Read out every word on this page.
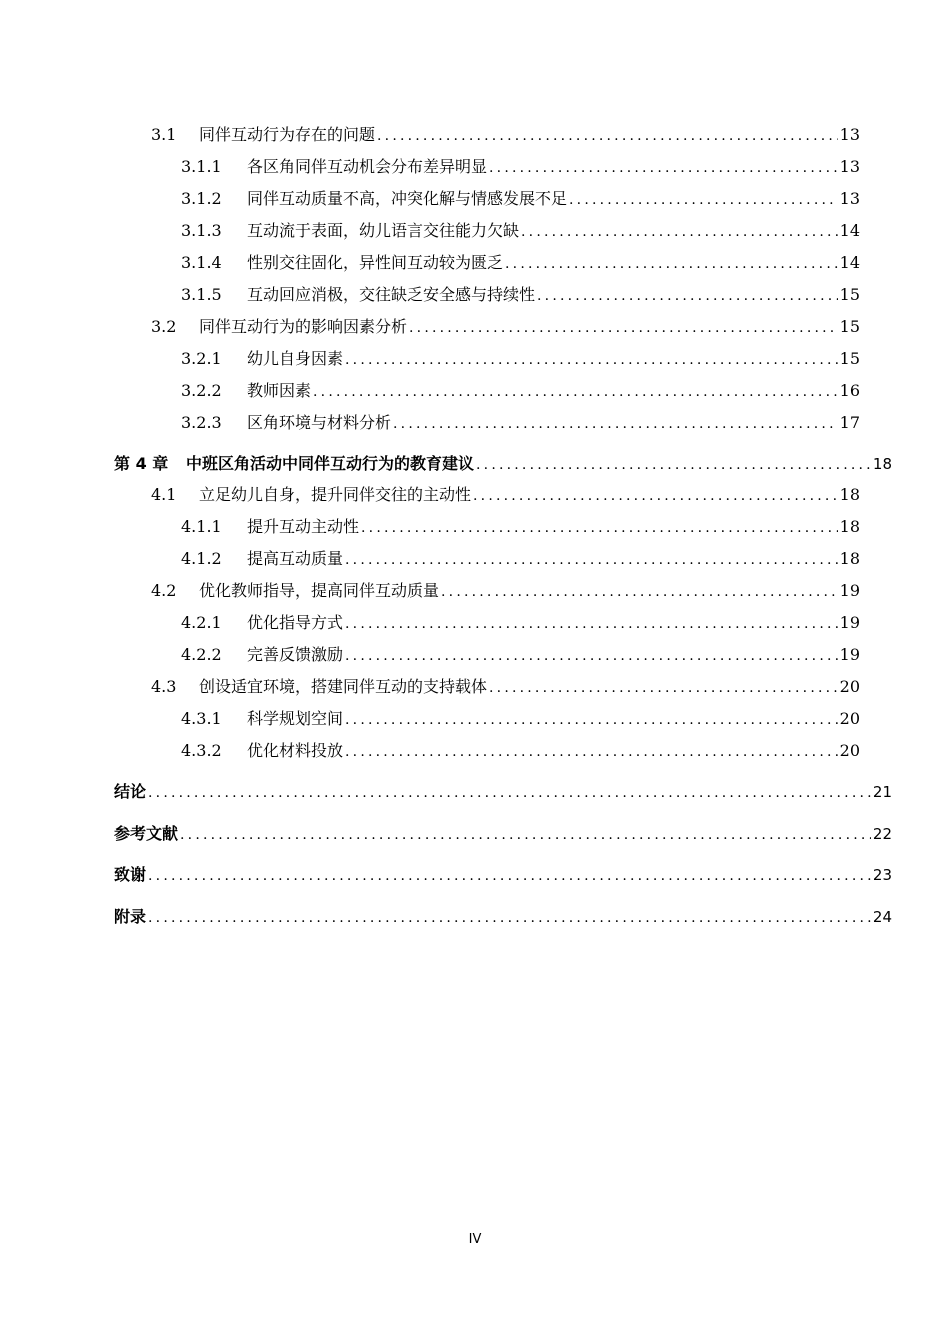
3.1	同伴互动行为存在的问题 .....	13
3.1.1	各区角同伴互动机会分布差异明显 .....	13
3.1.2	同伴互动质量不高，冲突化解与情感发展不足 .....	13
3.1.3	互动流于表面，幼儿语言交往能力欠缺 .....	14
3.1.4	性别交往固化，异性间互动较为匮乏 .....	14
3.1.5	互动回应消极，交往缺乏安全感与持续性 .....	15
3.2	同伴互动行为的影响因素分析 .....	15
3.2.1	幼儿自身因素 .....	15
3.2.2	教师因素 .....	16
3.2.3	区角环境与材料分析 .....	17
第 4 章	中班区角活动中同伴互动行为的教育建议 .....	18
4.1	立足幼儿自身，提升同伴交往的主动性 .....	18
4.1.1	提升互动主动性 .....	18
4.1.2	提高互动质量 .....	18
4.2	优化教师指导，提高同伴互动质量 .....	19
4.2.1	优化指导方式 .....	19
4.2.2	完善反馈激励 .....	19
4.3	创设适宜环境，搭建同伴互动的支持载体 .....	20
4.3.1	科学规划空间 .....	20
4.3.2	优化材料投放 .....	20
结论 .....	21
参考文献 .....	22
致谢 .....	23
附录 .....	24
IV
